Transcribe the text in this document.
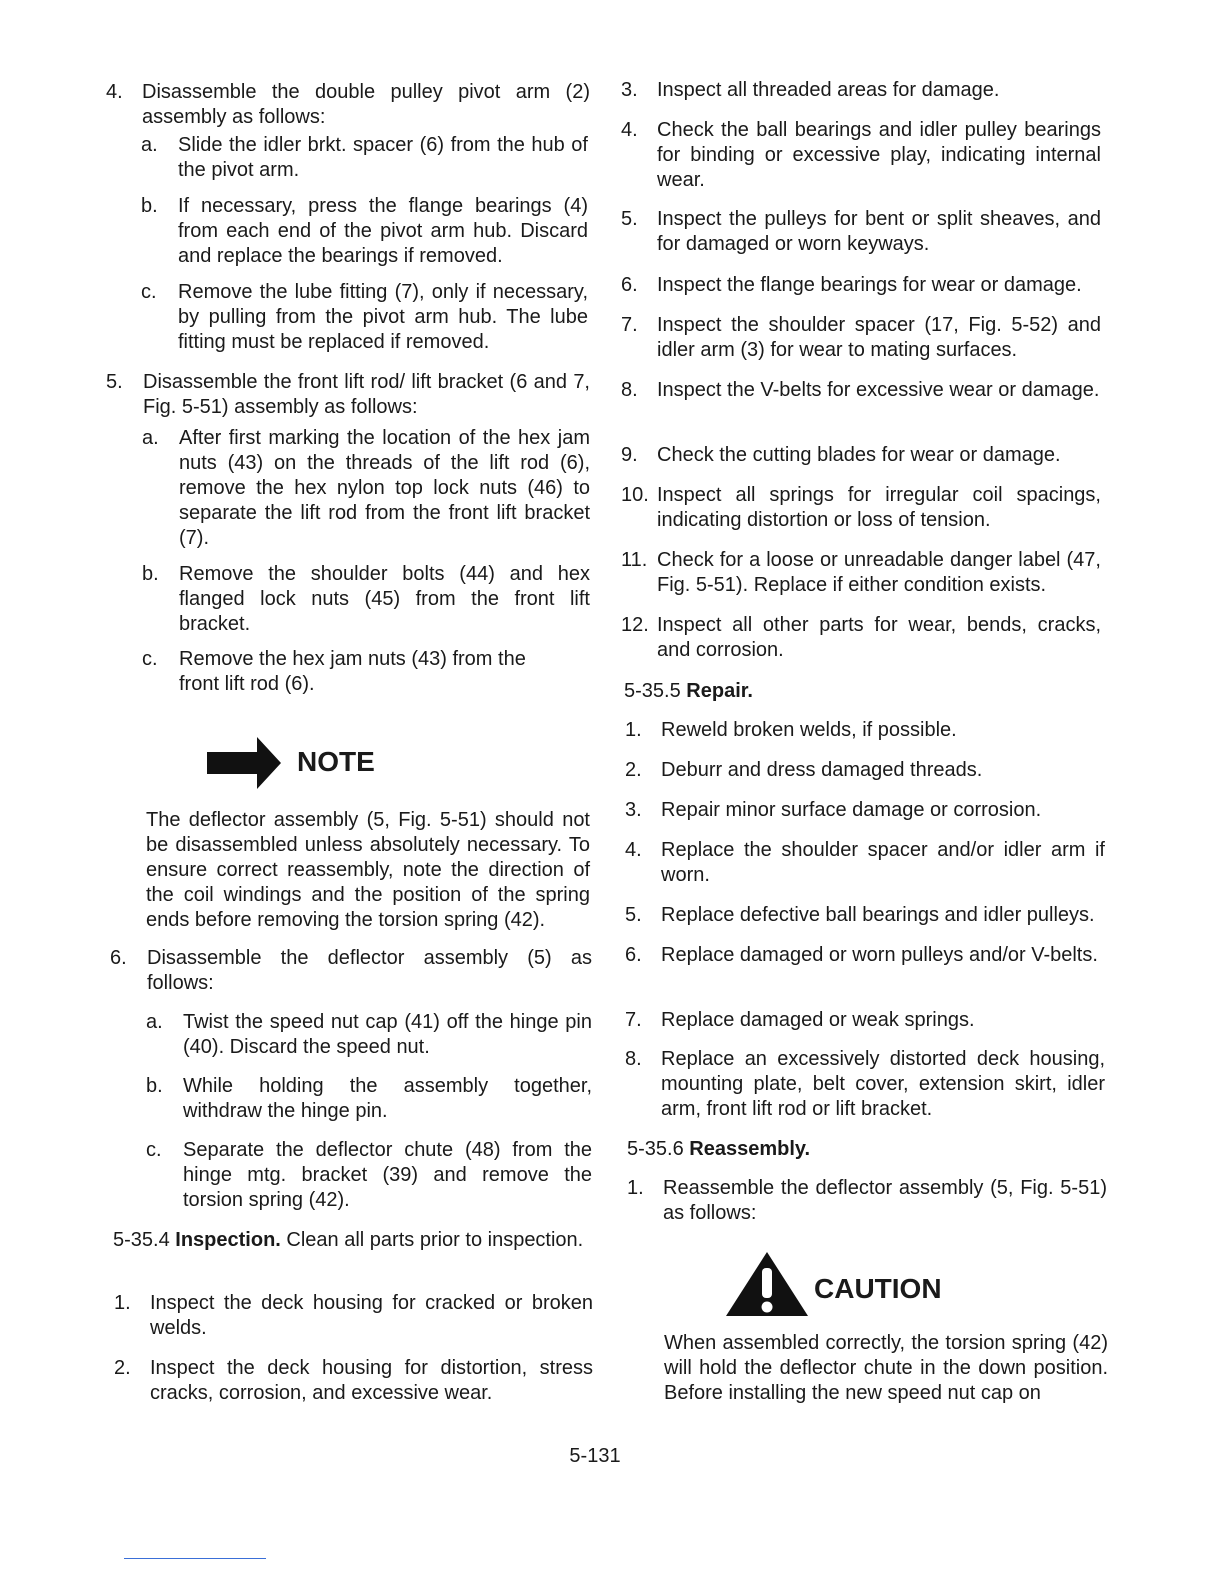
4. Disassemble the double pulley pivot arm (2) assembly as follows:
a. Slide the idler brkt. spacer (6) from the hub of the pivot arm.
b. If necessary, press the flange bearings (4) from each end of the pivot arm hub. Discard and replace the bearings if removed.
c. Remove the lube fitting (7), only if necessary, by pulling from the pivot arm hub. The lube fitting must be replaced if removed.
5. Disassemble the front lift rod/ lift bracket (6 and 7, Fig. 5-51) assembly as follows:
a. After first marking the location of the hex jam nuts (43) on the threads of the lift rod (6), remove the hex nylon top lock nuts (46) to separate the lift rod from the front lift bracket (7).
b. Remove the shoulder bolts (44) and hex flanged lock nuts (45) from the front lift bracket.
c. Remove the hex jam nuts (43) from the front lift rod (6).
NOTE
The deflector assembly (5, Fig. 5-51) should not be disassembled unless absolutely necessary. To ensure correct reassembly, note the direction of the coil windings and the position of the spring ends before removing the torsion spring (42).
6. Disassemble the deflector assembly (5) as follows:
a. Twist the speed nut cap (41) off the hinge pin (40). Discard the speed nut.
b. While holding the assembly together, withdraw the hinge pin.
c. Separate the deflector chute (48) from the hinge mtg. bracket (39) and remove the torsion spring (42).
5-35.4 Inspection. Clean all parts prior to inspection.
1. Inspect the deck housing for cracked or broken welds.
2. Inspect the deck housing for distortion, stress cracks, corrosion, and excessive wear.
3. Inspect all threaded areas for damage.
4. Check the ball bearings and idler pulley bearings for binding or excessive play, indicating internal wear.
5. Inspect the pulleys for bent or split sheaves, and for damaged or worn keyways.
6. Inspect the flange bearings for wear or damage.
7. Inspect the shoulder spacer (17, Fig. 5-52) and idler arm (3) for wear to mating surfaces.
8. Inspect the V-belts for excessive wear or damage.
9. Check the cutting blades for wear or damage.
10. Inspect all springs for irregular coil spacings, indicating distortion or loss of tension.
11. Check for a loose or unreadable danger label (47, Fig. 5-51). Replace if either condition exists.
12. Inspect all other parts for wear, bends, cracks, and corrosion.
5-35.5 Repair.
1. Reweld broken welds, if possible.
2. Deburr and dress damaged threads.
3. Repair minor surface damage or corrosion.
4. Replace the shoulder spacer and/or idler arm if worn.
5. Replace defective ball bearings and idler pulleys.
6. Replace damaged or worn pulleys and/or V-belts.
7. Replace damaged or weak springs.
8. Replace an excessively distorted deck housing, mounting plate, belt cover, extension skirt, idler arm, front lift rod or lift bracket.
5-35.6 Reassembly.
1. Reassemble the deflector assembly (5, Fig. 5-51) as follows:
CAUTION
When assembled correctly, the torsion spring (42) will hold the deflector chute in the down position. Before installing the new speed nut cap on
5-131
